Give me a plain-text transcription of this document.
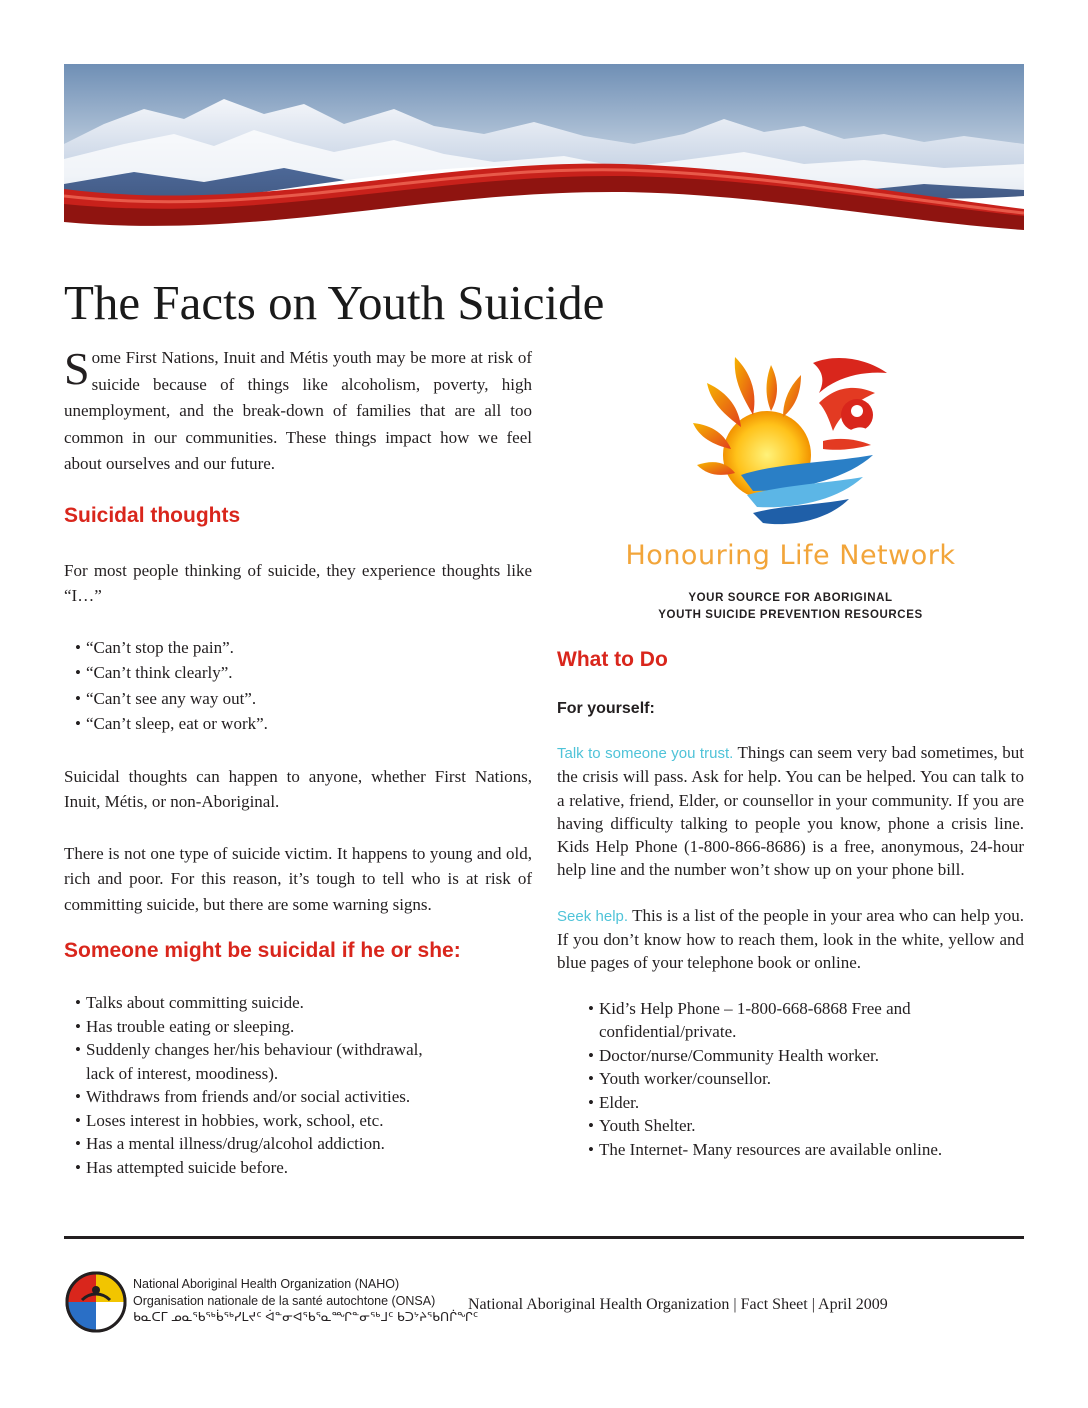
The Facts on Youth Suicide

Some First Nations, Inuit and Métis youth may be more at risk of suicide because of things like alcoholism, poverty, high unemployment, and the break-down of families that are all too common in our communities. These things impact how we feel about ourselves and our future.

Suicidal thoughts

For most people thinking of suicide, they experience thoughts like “I…”

• “Can’t stop the pain”.
• “Can’t think clearly”.
• “Can’t see any way out”.
• “Can’t sleep, eat or work”.

Suicidal thoughts can happen to anyone, whether First Nations, Inuit, Métis, or non-Aboriginal.

There is not one type of suicide victim. It happens to young and old, rich and poor. For this reason, it’s tough to tell who is at risk of committing suicide, but there are some warning signs.

Someone might be suicidal if he or she:
• Talks about committing suicide.
• Has trouble eating or sleeping.
• Suddenly changes her/his behaviour (withdrawal, lack of interest, moodiness).
• Withdraws from friends and/or social activities.
• Loses interest in hobbies, work, school, etc.
• Has a mental illness/drug/alcohol addiction.
• Has attempted suicide before.
Honouring Life Network
YOUR SOURCE FOR ABORIGINAL
YOUTH SUICIDE PREVENTION RESOURCES
What to Do
For yourself:

Talk to someone you trust. Things can seem very bad sometimes, but the crisis will pass. Ask for help. You can be helped. You can talk to a relative, friend, Elder, or counsellor in your community. If you are having difficulty talking to people you know, phone a crisis line. Kids Help Phone (1-800-866-8686) is a free, anonymous, 24-hour help line and the number won’t show up on your phone bill.

Seek help. This is a list of the people in your area who can help you. If you don’t know how to reach them, look in the white, yellow and blue pages of your telephone book or online.

• Kid’s Help Phone – 1-800-668-6868 Free and confidential/private.
• Doctor/nurse/Community Health worker.
• Youth worker/counsellor.
• Elder.
• Youth Shelter.
• The Internet- Many resources are available online.
National Aboriginal Health Organization (NAHO)
Organisation nationale de la santé autochtone (ONSA)
ᑲᓇᑕᒥ ᓄᓇᖃᖅᑳᖅᓯᒪᔪᑦ ᐋᓐᓂᐊᖃᕐᓇᙱᓐᓂᖅᒧᑦ ᑲᑐᔾᔨᖃᑎᒌᖏᑦ
National Aboriginal Health Organization | Fact Sheet | April 2009
